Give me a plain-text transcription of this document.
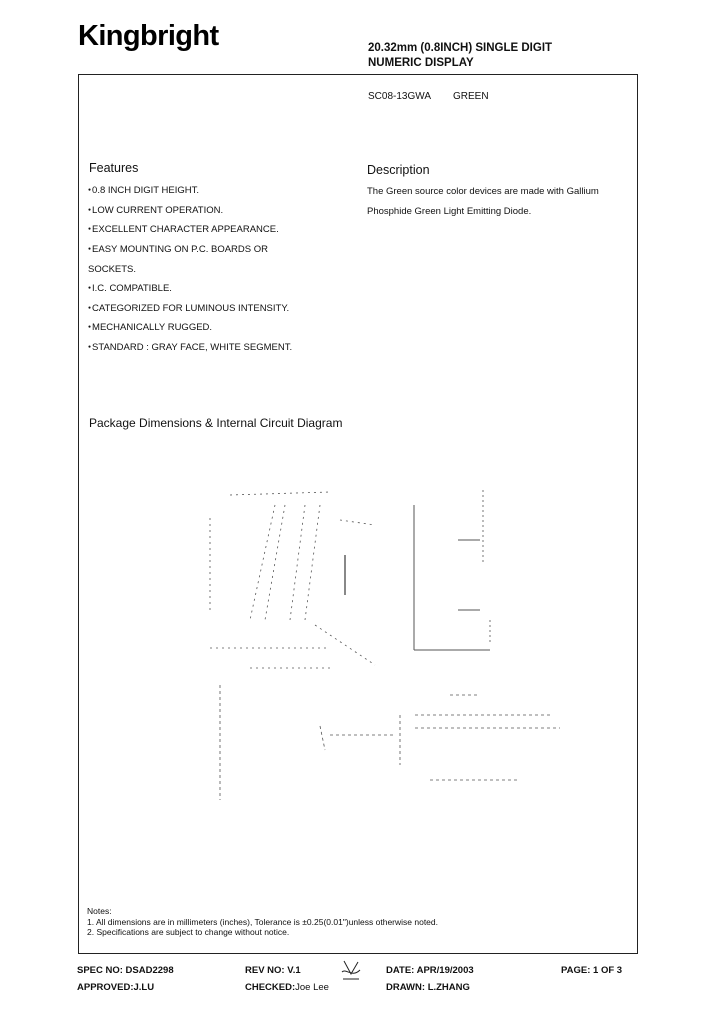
Kingbright	20.32mm (0.8INCH) SINGLE DIGIT
NUMERIC DISPLAY
SC08-13GWA GREEN
Features
● 0.8 INCH DIGIT HEIGHT.
● LOW CURRENT OPERATION.
● EXCELLENT CHARACTER APPEARANCE.
● EASY MOUNTING ON P.C. BOARDS OR
SOCKETS.
● I.C. COMPATIBLE.
● CATEGORIZED FOR LUMINOUS INTENSITY.
● MECHANICALLY RUGGED.
● STANDARD : GRAY FACE, WHITE SEGMENT.
Description
The Green source color devices are made with Gallium
Phosphide Green Light Emitting Diode.
Package Dimensions & Internal Circuit Diagram
Notes:
1. All dimensions are in millimeters (inches), Tolerance is ±0.25(0.01")unless otherwise noted.
2. Specifications are subject to change without notice.
SPEC NO: DSAD2298	REV NO: V.1	DATE: APR/19/2003	PAGE: 1 OF 3
APPROVED:J.LU	CHECKED:Joe Lee	DRAWN: L.ZHANG
